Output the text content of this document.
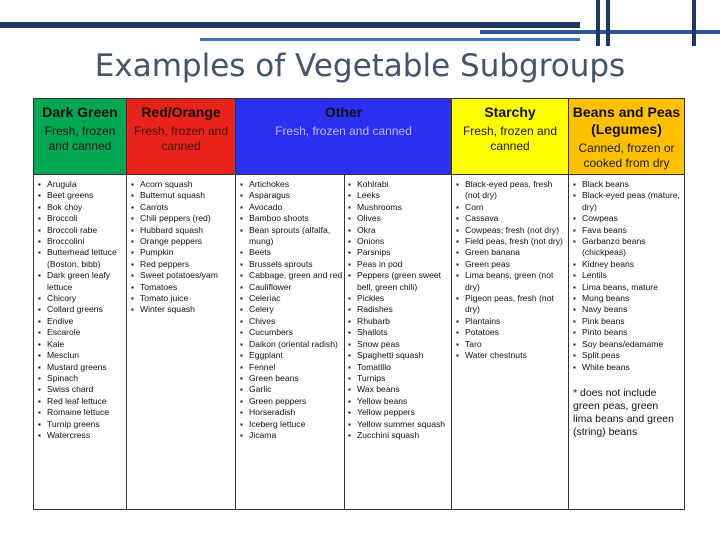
Examples of Vegetable Subgroups
Dark Green
Fresh, frozen and canned
▪ Arugula
▪ Beet greens
▪ Bok choy
▪ Broccoli
▪ Broccoli rabe
▪ Broccolini
▪ Butterhead lettuce (Boston, bibb)
▪ Dark green leafy lettuce
▪ Chicory
▪ Collard greens
▪ Endive
▪ Escarole
▪ Kale
▪ Mesclun
▪ Mustard greens
▪ Spinach
▪ Swiss chard
▪ Red leaf lettuce
▪ Romaine lettuce
▪ Turnip greens
▪ Watercress
Red/Orange
Fresh, frozen and canned
▪ Acorn squash
▪ Butternut squash
▪ Carrots
▪ Chili peppers (red)
▪ Hubbard squash
▪ Orange peppers
▪ Pumpkin
▪ Red peppers
▪ Sweet potatoes/yam
▪ Tomatoes
▪ Tomato juice
▪ Winter squash
Other
Fresh, frozen and canned
▪ Artichokes
▪ Asparagus
▪ Avocado
▪ Bamboo shoots
▪ Bean sprouts (alfalfa, mung)
▪ Beets
▪ Brussels sprouts
▪ Cabbage, green and red
▪ Cauliflower
▪ Celeriac
▪ Celery
▪ Chives
▪ Cucumbers
▪ Daikon (oriental radish)
▪ Eggplant
▪ Fennel
▪ Green beans
▪ Garlic
▪ Green peppers
▪ Horseradish
▪ Iceberg lettuce
▪ Jicama
▪ Kohlrabi
▪ Leeks
▪ Mushrooms
▪ Olives
▪ Okra
▪ Onions
▪ Parsnips
▪ Peas in pod
▪ Peppers (green sweet bell, green chili)
▪ Pickles
▪ Radishes
▪ Rhubarb
▪ Shallots
▪ Snow peas
▪ Spaghetti squash
▪ Tomatillo
▪ Turnips
▪ Wax beans
▪ Yellow beans
▪ Yellow peppers
▪ Yellow summer squash
▪ Zucchini squash
Starchy
Fresh, frozen and canned
▪ Black-eyed peas, fresh (not dry)
▪ Corn
▪ Cassava
▪ Cowpeas, fresh (not dry)
▪ Field peas, fresh (not dry)
▪ Green banana
▪ Green peas
▪ Lima beans, green (not dry)
▪ Pigeon peas, fresh (not dry)
▪ Plantains
▪ Potatoes
▪ Taro
▪ Water chestnuts
Beans and Peas (Legumes)
Canned, frozen or cooked from dry
▪ Black beans
▪ Black-eyed peas (mature, dry)
▪ Cowpeas
▪ Fava beans
▪ Garbanzo beans (chickpeas)
▪ Kidney beans
▪ Lentils
▪ Lima beans, mature
▪ Mung beans
▪ Navy beans
▪ Pink beans
▪ Pinto beans
▪ Soy beans/edamame
▪ Split peas
▪ White beans
* does not include green peas, green lima beans and green (string) beans
